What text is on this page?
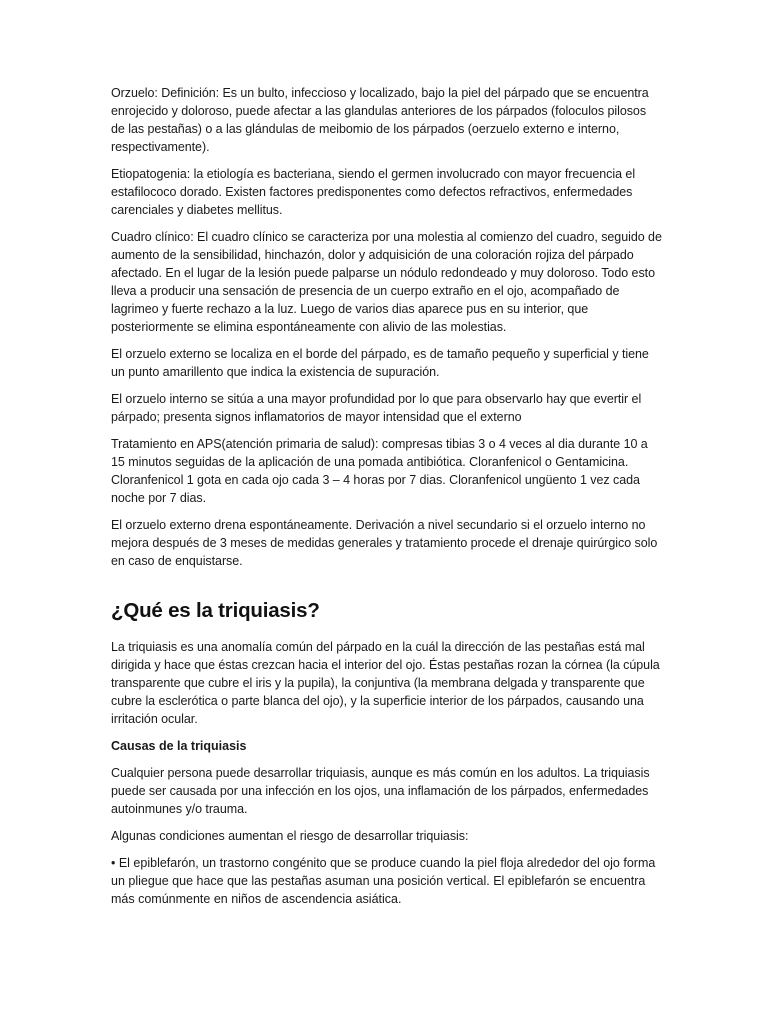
Orzuelo: Definición: Es un bulto, infeccioso y localizado, bajo la piel del párpado que se encuentra enrojecido y doloroso, puede afectar a las glandulas anteriores de los párpados (foloculos pilosos de las pestañas) o a las glándulas de meibomio de los párpados (oerzuelo externo e interno, respectivamente).

Etiopatogenia: la etiología es bacteriana, siendo el germen involucrado con mayor frecuencia el estafilococo dorado. Existen factores predisponentes como defectos refractivos, enfermedades carenciales y diabetes mellitus.

Cuadro clínico: El cuadro clínico se caracteriza por una molestia al comienzo del cuadro, seguido de aumento de la sensibilidad, hinchazón, dolor y adquisición de una coloración rojiza del párpado afectado. En el lugar de la lesión puede palparse un nódulo redondeado y muy doloroso. Todo esto lleva a producir una sensación de presencia de un cuerpo extraño en el ojo, acompañado de lagrimeo y fuerte rechazo a la luz. Luego de varios dias aparece pus en su interior, que posteriormente se elimina espontáneamente con alivio de las molestias.

El orzuelo externo se localiza en el borde del párpado, es de tamaño pequeño y superficial y tiene un punto amarillento que indica la existencia de supuración.

El orzuelo interno se sitúa a una mayor profundidad por lo que para observarlo hay que evertir el párpado; presenta signos inflamatorios de mayor intensidad que el externo

Tratamiento en APS(atención primaria de salud): compresas tibias 3 o 4 veces al dia durante 10 a 15 minutos seguidas de la aplicación de una pomada antibiótica. Cloranfenicol o Gentamicina. Cloranfenicol 1 gota en cada ojo cada 3 – 4 horas por 7 dias. Cloranfenicol ungüento 1 vez cada noche por 7 dias.

El orzuelo externo drena espontáneamente. Derivación a nivel secundario si el orzuelo interno no mejora después de 3 meses de medidas generales y tratamiento procede el drenaje quirúrgico solo en caso de enquistarse.

¿Qué es la triquiasis?

La triquiasis es una anomalía común del párpado en la cuál la dirección de las pestañas está mal dirigida y hace que éstas crezcan hacia el interior del ojo. Éstas pestañas rozan la córnea (la cúpula transparente que cubre el iris y la pupila), la conjuntiva (la membrana delgada y transparente que cubre la esclerótica o parte blanca del ojo), y la superficie interior de los párpados, causando una irritación ocular.

Causas de la triquiasis

Cualquier persona puede desarrollar triquiasis, aunque es más común en los adultos. La triquiasis puede ser causada por una infección en los ojos, una inflamación de los párpados, enfermedades autoinmunes y/o trauma.

Algunas condiciones aumentan el riesgo de desarrollar triquiasis:

• El epiblefarón, un trastorno congénito que se produce cuando la piel floja alrededor del ojo forma un pliegue que hace que las pestañas asuman una posición vertical. El epiblefarón se encuentra más comúnmente en niños de ascendencia asiática.
